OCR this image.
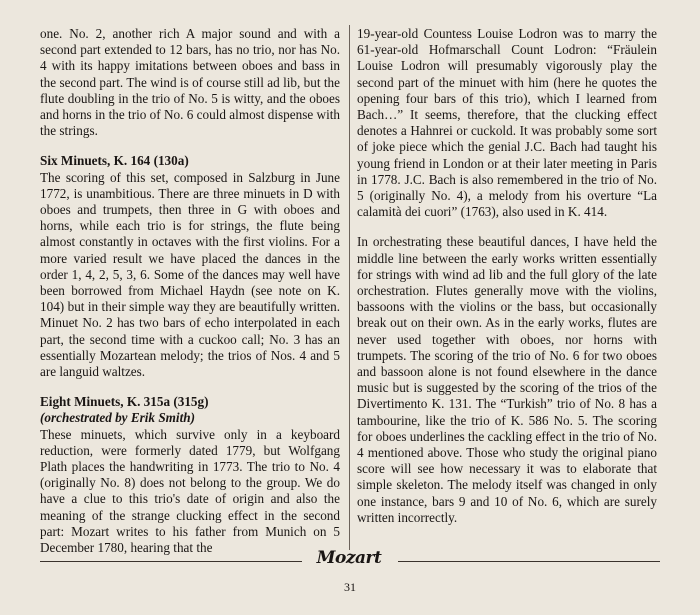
one. No. 2, another rich A major sound and with a second part extended to 12 bars, has no trio, nor has No. 4 with its happy imitations between oboes and bass in the second part. The wind is of course still ad lib, but the flute doubling in the trio of No. 5 is witty, and the oboes and horns in the trio of No. 6 could almost dispense with the strings.

Six Minuets, K. 164 (130a)

The scoring of this set, composed in Salzburg in June 1772, is unambitious. There are three minuets in D with oboes and trumpets, then three in G with oboes and horns, while each trio is for strings, the flute being almost constantly in octaves with the first violins. For a more varied result we have placed the dances in the order 1, 4, 2, 5, 3, 6. Some of the dances may well have been borrowed from Michael Haydn (see note on K. 104) but in their simple way they are beautifully written. Minuet No. 2 has two bars of echo interpolated in each part, the second time with a cuckoo call; No. 3 has an essentially Mozartean melody; the trios of Nos. 4 and 5 are languid waltzes.

Eight Minuets, K. 315a (315g)
(orchestrated by Erik Smith)

These minuets, which survive only in a keyboard reduction, were formerly dated 1779, but Wolfgang Plath places the handwriting in 1773. The trio to No. 4 (originally No. 8) does not belong to the group. We do have a clue to this trio's date of origin and also the meaning of the strange clucking effect in the second part: Mozart writes to his father from Munich on 5 December 1780, hearing that the

19-year-old Countess Louise Lodron was to marry the 61-year-old Hofmarschall Count Lodron: “Fräulein Louise Lodron will presumably vigorously play the second part of the minuet with him (here he quotes the opening four bars of this trio), which I learned from Bach…” It seems, therefore, that the clucking effect denotes a Hahnrei or cuckold. It was probably some sort of joke piece which the genial J.C. Bach had taught his young friend in London or at their later meeting in Paris in 1778. J.C. Bach is also remembered in the trio of No. 5 (originally No. 4), a melody from his overture “La calamità dei cuori” (1763), also used in K. 414.

In orchestrating these beautiful dances, I have held the middle line between the early works written essentially for strings with wind ad lib and the full glory of the late orchestration. Flutes generally move with the violins, bassoons with the violins or the bass, but occasionally break out on their own. As in the early works, flutes are never used together with oboes, nor horns with trumpets. The scoring of the trio of No. 6 for two oboes and bassoon alone is not found elsewhere in the dance music but is suggested by the scoring of the trios of the Divertimento K. 131. The “Turkish” trio of No. 8 has a tambourine, like the trio of K. 586 No. 5. The scoring for oboes underlines the cackling effect in the trio of No. 4 mentioned above. Those who study the original piano score will see how necessary it was to elaborate that simple skeleton. The melody itself was changed in only one instance, bars 9 and 10 of No. 6, which are surely written incorrectly.

Mozart
31
